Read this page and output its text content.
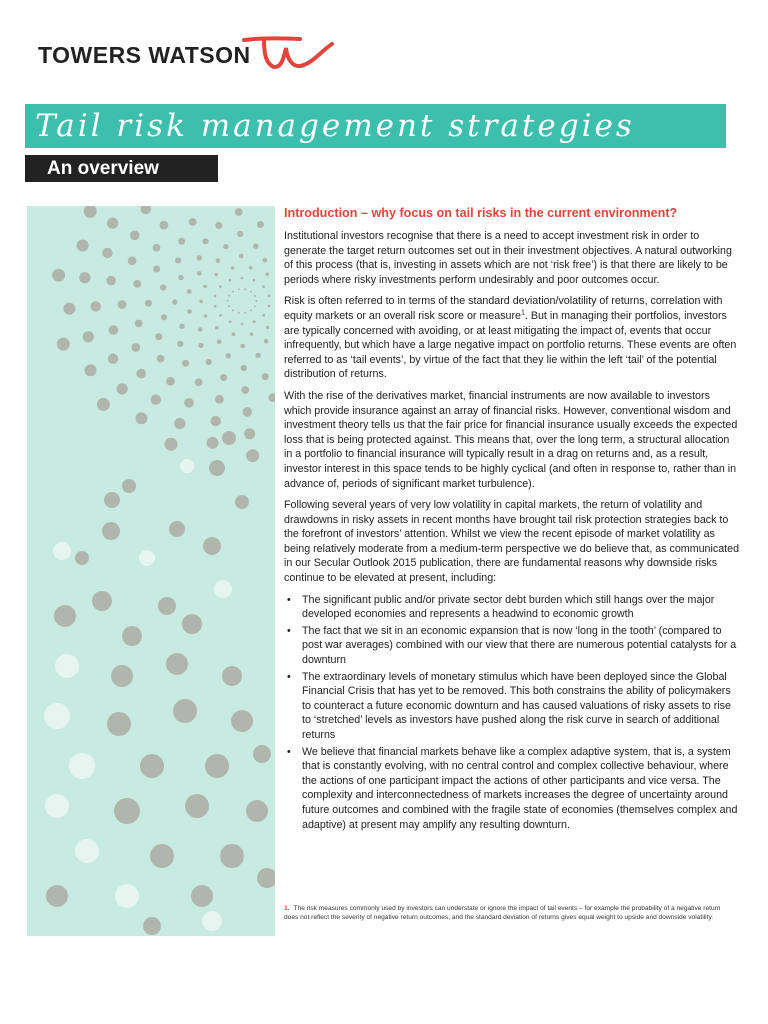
TOWERS WATSON
Tail risk management strategies
An overview
Introduction – why focus on tail risks in the current environment?

Institutional investors recognise that there is a need to accept investment risk in order to generate the target return outcomes set out in their investment objectives. A natural outworking of this process (that is, investing in assets which are not ‘risk free’) is that there are likely to be periods where risky investments perform undesirably and poor outcomes occur.

Risk is often referred to in terms of the standard deviation/volatility of returns, correlation with equity markets or an overall risk score or measure$^1$. But in managing their portfolios, investors are typically concerned with avoiding, or at least mitigating the impact of, events that occur infrequently, but which have a large negative impact on portfolio returns. These events are often referred to as ‘tail events’, by virtue of the fact that they lie within the left ‘tail’ of the potential distribution of returns.

With the rise of the derivatives market, financial instruments are now available to investors which provide insurance against an array of financial risks. However, conventional wisdom and investment theory tells us that the fair price for financial insurance usually exceeds the expected loss that is being protected against. This means that, over the long term, a structural allocation in a portfolio to financial insurance will typically result in a drag on returns and, as a result, investor interest in this space tends to be highly cyclical (and often in response to, rather than in advance of, periods of significant market turbulence).

Following several years of very low volatility in capital markets, the return of volatility and drawdowns in risky assets in recent months have brought tail risk protection strategies back to the forefront of investors’ attention. Whilst we view the recent episode of market volatility as being relatively moderate from a medium-term perspective we do believe that, as communicated in our Secular Outlook 2015 publication, there are fundamental reasons why downside risks continue to be elevated at present, including:

• The significant public and/or private sector debt burden which still hangs over the major developed economies and represents a headwind to economic growth
• The fact that we sit in an economic expansion that is now ‘long in the tooth’ (compared to post war averages) combined with our view that there are numerous potential catalysts for a downturn
• The extraordinary levels of monetary stimulus which have been deployed since the Global Financial Crisis that has yet to be removed. This both constrains the ability of policymakers to counteract a future economic downturn and has caused valuations of risky assets to rise to ‘stretched’ levels as investors have pushed along the risk curve in search of additional returns
• We believe that financial markets behave like a complex adaptive system, that is, a system that is constantly evolving, with no central control and complex collective behaviour, where the actions of one participant impact the actions of other participants and vice versa. The complexity and interconnectedness of markets increases the degree of uncertainty around future outcomes and combined with the fragile state of economies (themselves complex and adaptive) at present may amplify any resulting downturn.
1. The risk measures commonly used by investors can understate or ignore the impact of tail events – for example the probability of a negative return does not reflect the severity of negative return outcomes, and the standard deviation of returns gives equal weight to upside and downside volatility.
